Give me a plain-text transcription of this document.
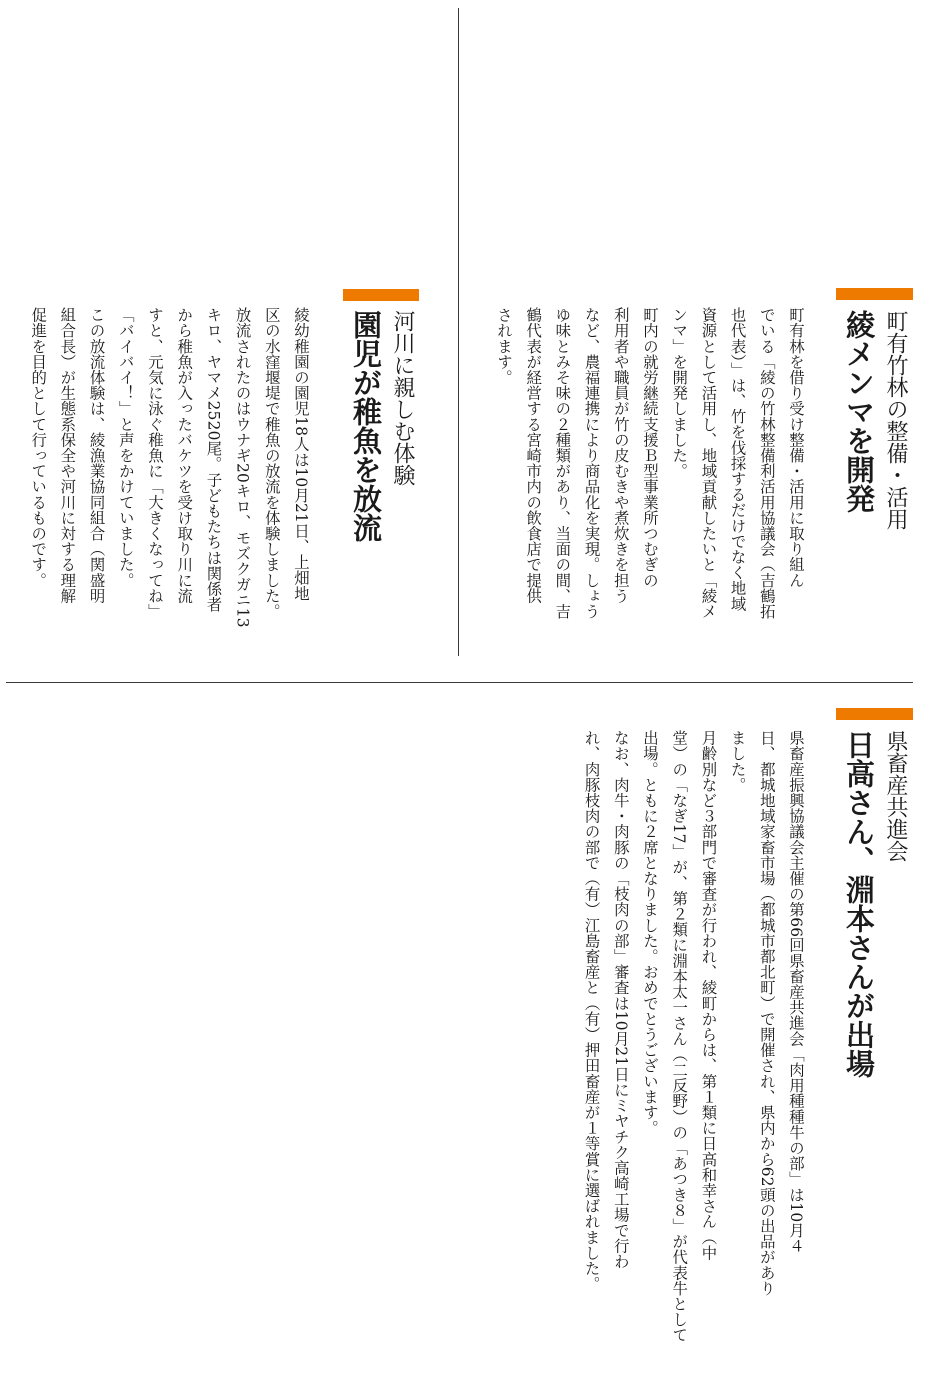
町有竹林の整備・活用
綾メンマを開発
町有林を借り受け整備・活用に取り組ん
でいる「綾の竹林整備利活用協議会（吉鶴拓
也代表）」は、竹を伐採するだけでなく地域
資源として活用し、地域貢献したいと「綾メ
ンマ」を開発しました。
町内の就労継続支援Ｂ型事業所つむぎの
利用者や職員が竹の皮むきや煮炊きを担う
など、農福連携により商品化を実現。しょう
ゆ味とみそ味の２種類があり、当面の間、吉
鶴代表が経営する宮崎市内の飲食店で提供
されます。
河川に親しむ体験
園児が稚魚を放流
綾幼稚園の園児18人は10月21日、上畑地
区の水窪堰堤で稚魚の放流を体験しました。
放流されたのはウナギ20キロ、モズクガニ13
キロ、ヤマメ2520尾。子どもたちは関係者
から稚魚が入ったバケツを受け取り川に流
すと、元気に泳ぐ稚魚に「大きくなってね」
「バイバイ！」と声をかけていました。
この放流体験は、綾漁業協同組合（関盛明
組合長）が生態系保全や河川に対する理解
促進を目的として行っているものです。
県畜産共進会
日高さん、淵本さんが出場
県畜産振興協議会主催の第66回県畜産共進会「肉用種種牛の部」は10月４
日、都城地域家畜市場（都城市都北町）で開催され、県内から62頭の出品があり
ました。
月齢別など３部門で審査が行われ、綾町からは、第１類に日高和幸さん（中
堂）の「なぎ17」が、第２類に淵本太一さん（二反野）の「あつき８」が代表牛として
出場。ともに２席となりました。おめでとうございます。
なお、肉牛・肉豚の「枝肉の部」審査は10月21日にミヤチク高崎工場で行わ
れ、肉豚枝肉の部で（有）江島畜産と（有）押田畜産が１等賞に選ばれました。
